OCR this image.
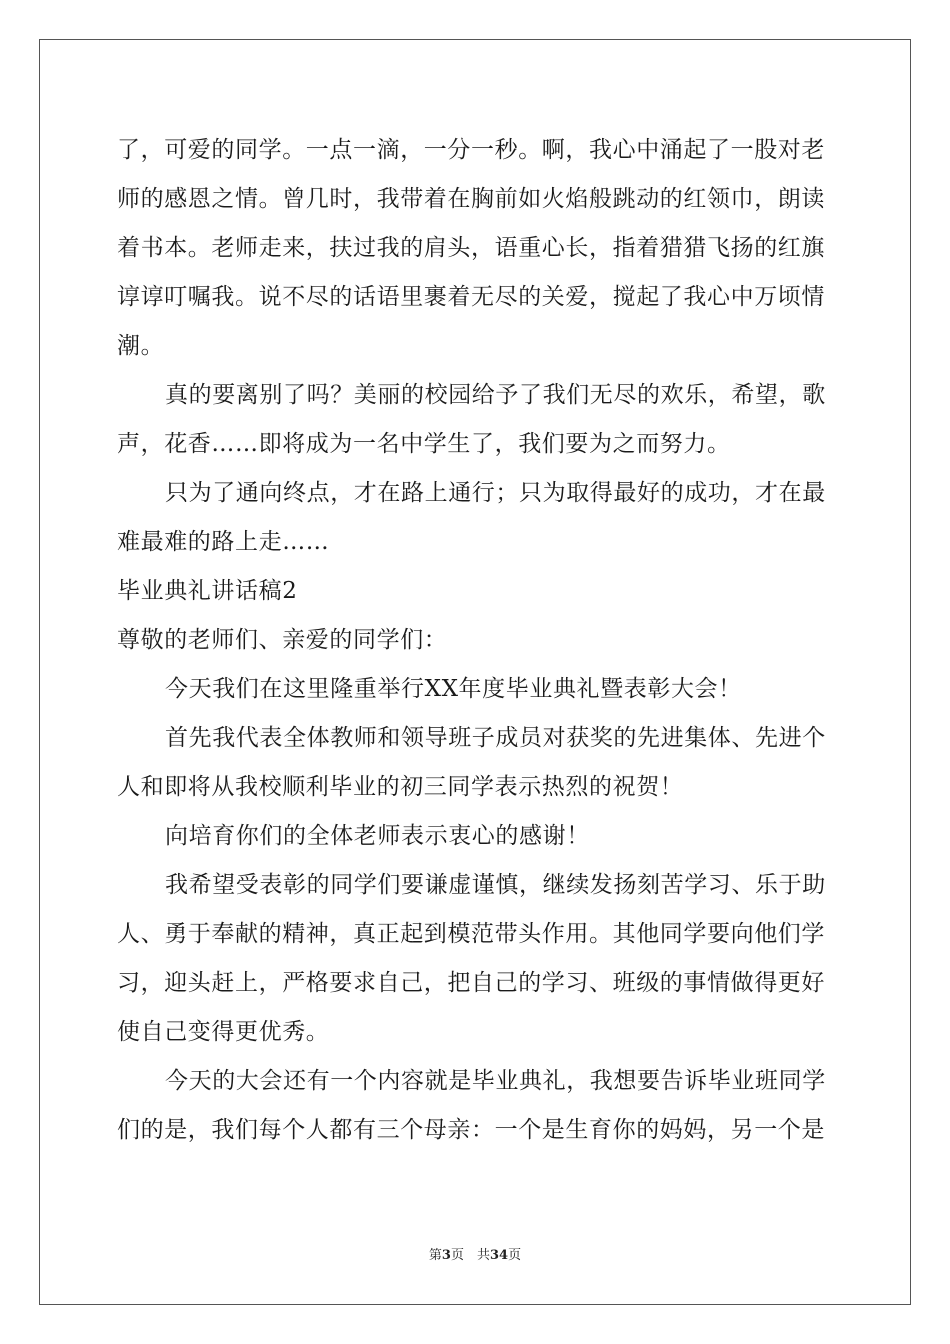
了，可爱的同学。一点一滴，一分一秒。啊，我心中涌起了一股对老
师的感恩之情。曾几时，我带着在胸前如火焰般跳动的红领巾，朗读
着书本。老师走来，扶过我的肩头，语重心长，指着猎猎飞扬的红旗
谆谆叮嘱我。说不尽的话语里裹着无尽的关爱，搅起了我心中万顷情
潮。
真的要离别了吗？美丽的校园给予了我们无尽的欢乐，希望，歌
声，花香……即将成为一名中学生了，我们要为之而努力。
只为了通向终点，才在路上通行；只为取得最好的成功，才在最
难最难的路上走……
毕业典礼讲话稿2
尊敬的老师们、亲爱的同学们：
今天我们在这里隆重举行XX年度毕业典礼暨表彰大会！
首先我代表全体教师和领导班子成员对获奖的先进集体、先进个
人和即将从我校顺利毕业的初三同学表示热烈的祝贺！
向培育你们的全体老师表示衷心的感谢！
我希望受表彰的同学们要谦虚谨慎，继续发扬刻苦学习、乐于助
人、勇于奉献的精神，真正起到模范带头作用。其他同学要向他们学
习，迎头赶上，严格要求自己，把自己的学习、班级的事情做得更好
使自己变得更优秀。
今天的大会还有一个内容就是毕业典礼，我想要告诉毕业班同学
们的是，我们每个人都有三个母亲：一个是生育你的妈妈，另一个是
第3页　共34页
